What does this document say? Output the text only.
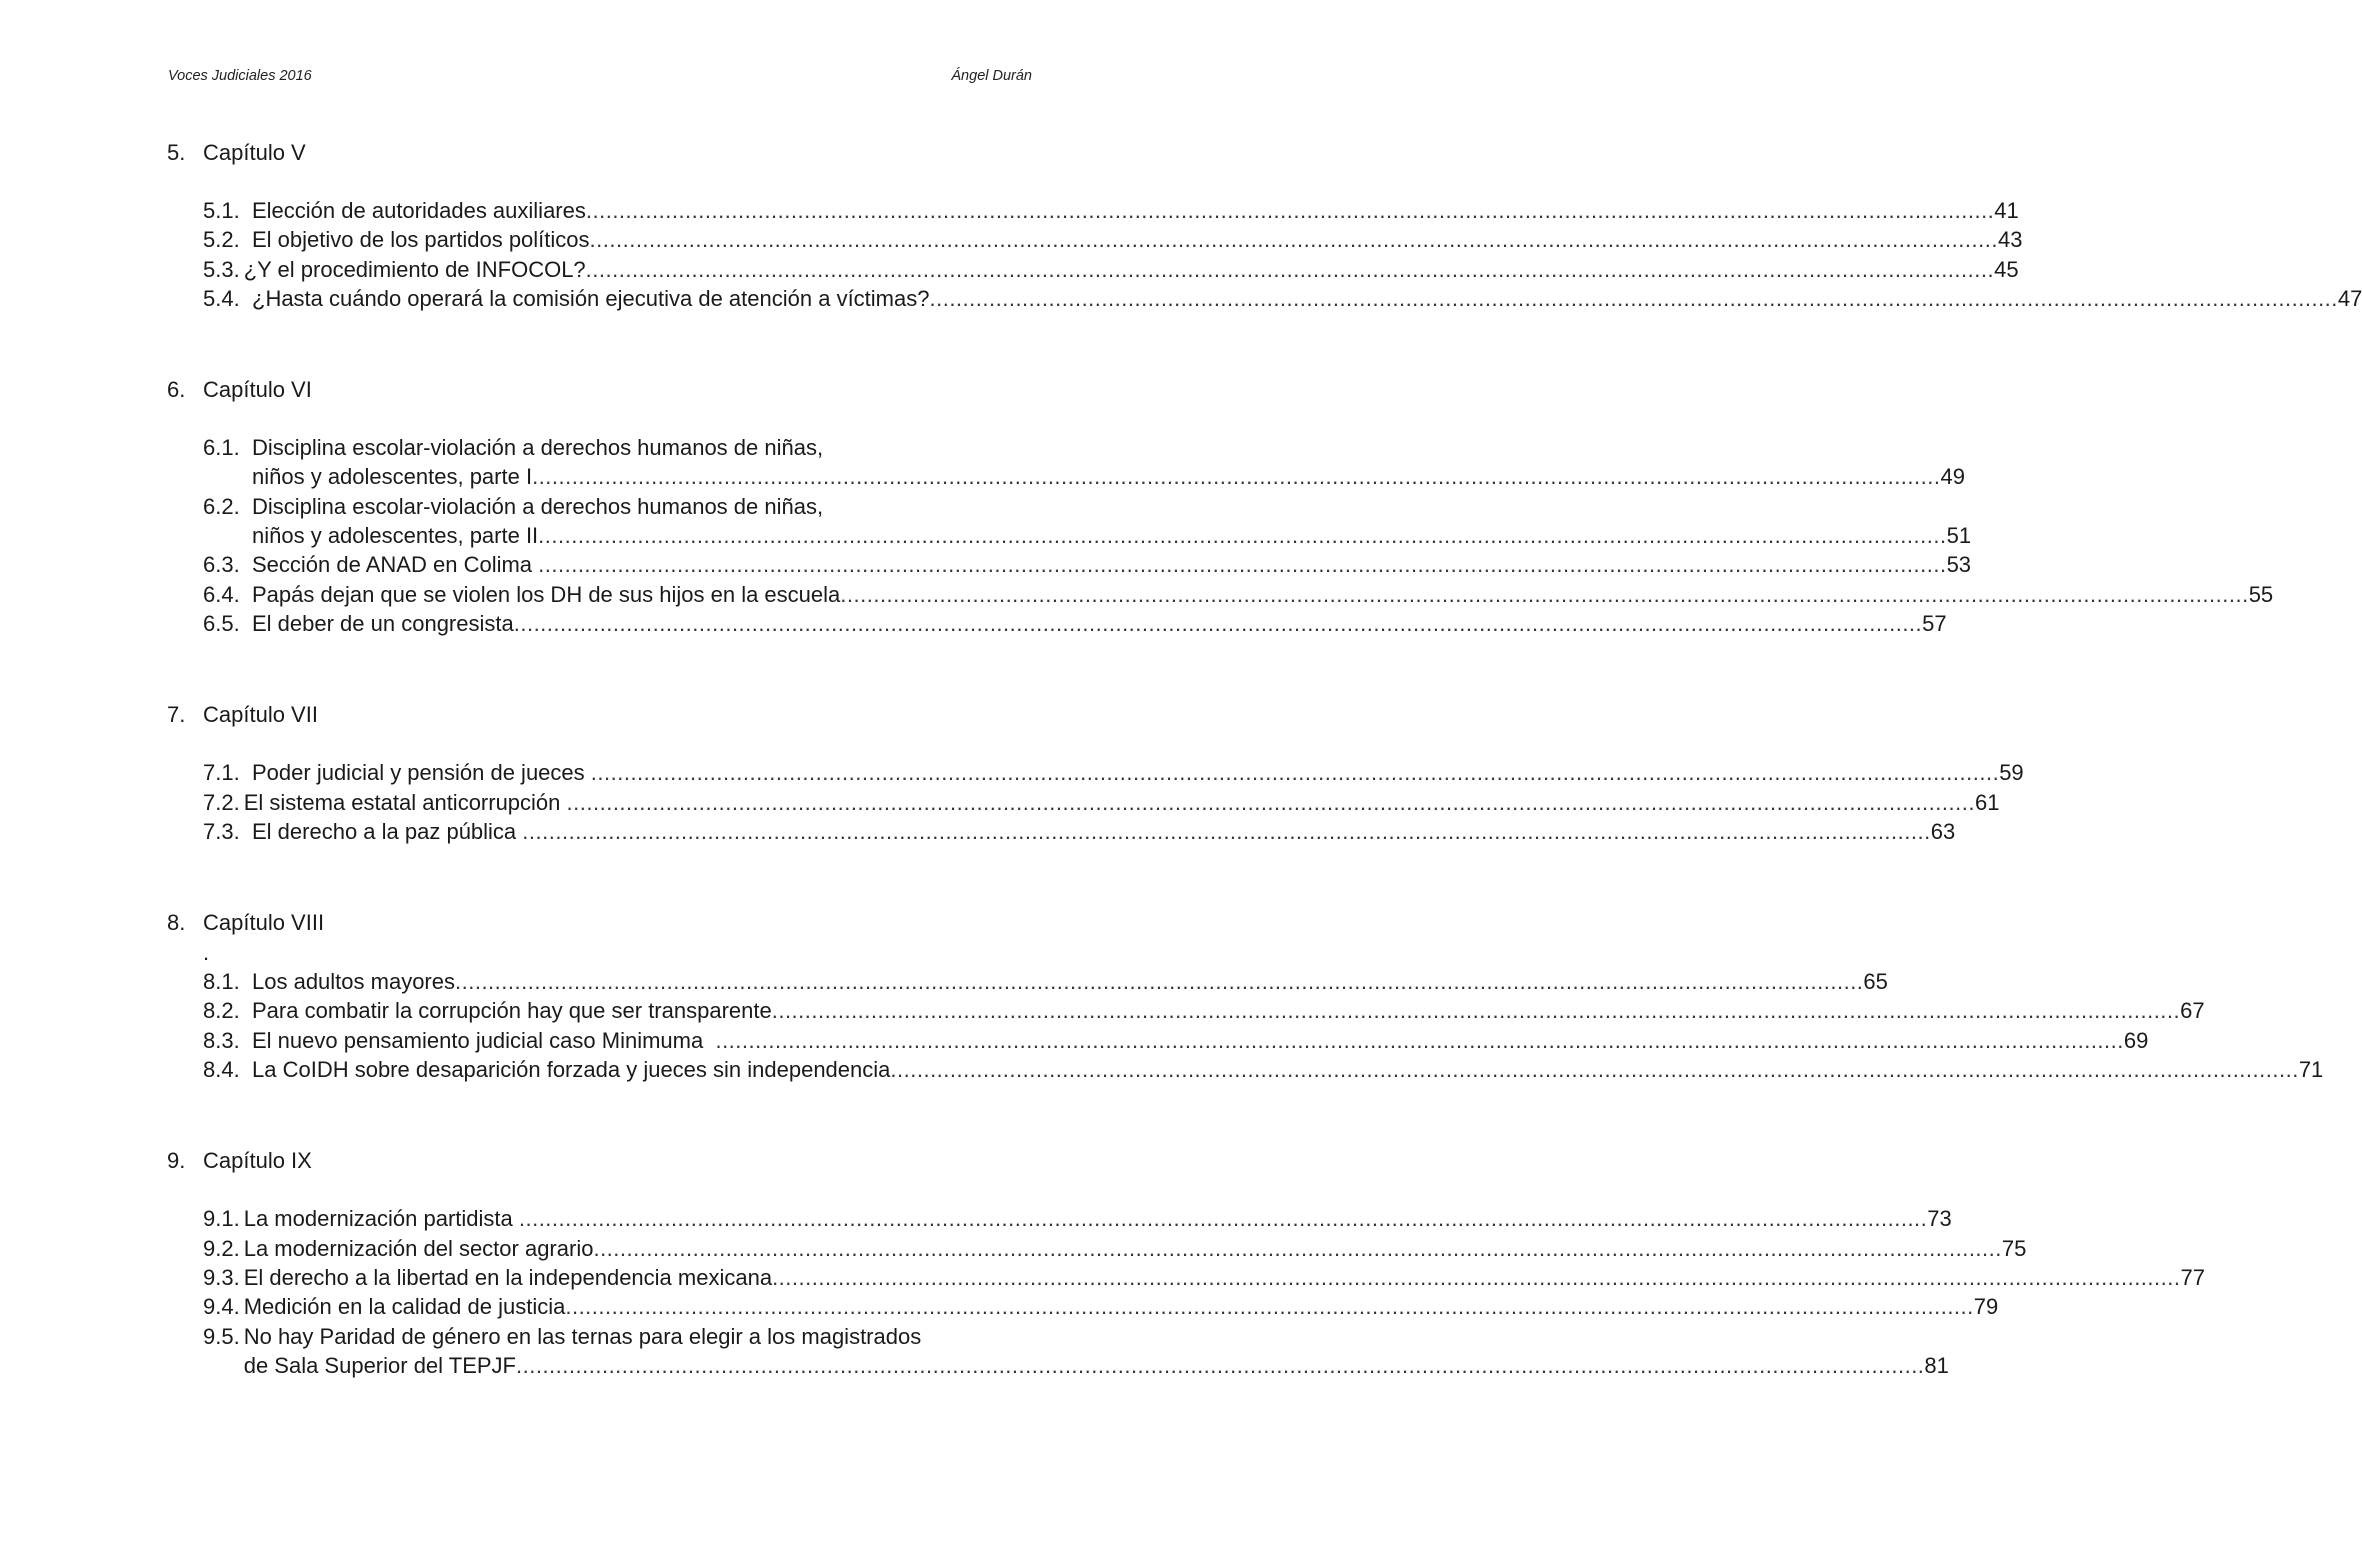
Voces Judiciales 2016	Ángel Durán
5. Capítulo V
5.1. Elección de autoridades auxiliares .....	41
5.2. El objetivo de los partidos políticos .....	43
5.3. ¿Y el procedimiento de INFOCOL? .....	45
5.4. ¿Hasta cuándo operará la comisión ejecutiva de atención a víctimas? .....	47
6. Capítulo VI
6.1. Disciplina escolar-violación a derechos humanos de niñas,
niños y adolescentes, parte I .....	49
6.2. Disciplina escolar-violación a derechos humanos de niñas,
niños y adolescentes, parte II .....	51
6.3. Sección de ANAD en Colima .....	53
6.4. Papás dejan que se violen los DH de sus hijos en la escuela .....	55
6.5. El deber de un congresista .....	57
7. Capítulo VII
7.1. Poder judicial y pensión de jueces .....	59
7.2. El sistema estatal anticorrupción .....	61
7.3. El derecho a la paz pública .....	63
8. Capítulo VIII
.
8.1. Los adultos mayores .....	65
8.2. Para combatir la corrupción hay que ser transparente .....	67
8.3. El nuevo pensamiento judicial caso Minimuma .....	69
8.4. La CoIDH sobre desaparición forzada y jueces sin independencia .....	71
9. Capítulo IX
9.1. La modernización partidista .....	73
9.2. La modernización del sector agrario .....	75
9.3. El derecho a la libertad en la independencia mexicana .....	77
9.4. Medición en la calidad de justicia .....	79
9.5. No hay Paridad de género en las ternas para elegir a los magistrados
de Sala Superior del TEPJF .....	81
